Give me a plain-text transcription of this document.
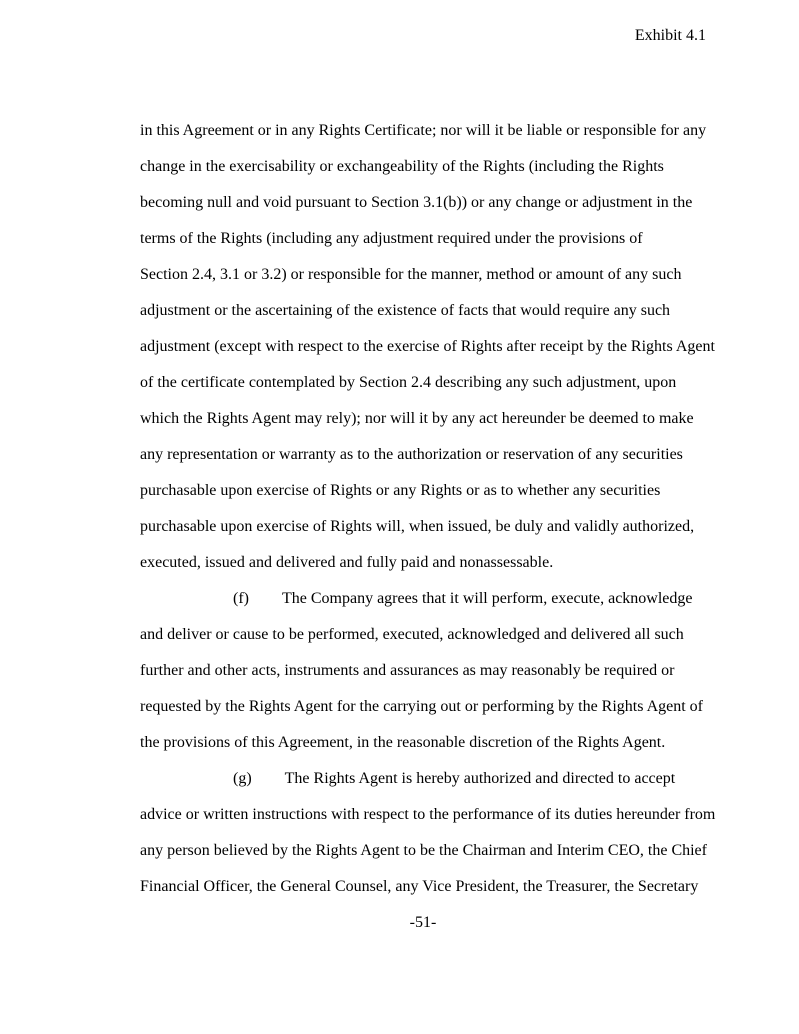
Exhibit 4.1
in this Agreement or in any Rights Certificate; nor will it be liable or responsible for any
change in the exercisability or exchangeability of the Rights (including the Rights
becoming null and void pursuant to Section 3.1(b)) or any change or adjustment in the
terms of the Rights (including any adjustment required under the provisions of
Section 2.4, 3.1 or 3.2) or responsible for the manner, method or amount of any such
adjustment or the ascertaining of the existence of facts that would require any such
adjustment (except with respect to the exercise of Rights after receipt by the Rights Agent
of the certificate contemplated by Section 2.4 describing any such adjustment, upon
which the Rights Agent may rely); nor will it by any act hereunder be deemed to make
any representation or warranty as to the authorization or reservation of any securities
purchasable upon exercise of Rights or any Rights or as to whether any securities
purchasable upon exercise of Rights will, when issued, be duly and validly authorized,
executed, issued and delivered and fully paid and nonassessable.
(f) The Company agrees that it will perform, execute, acknowledge
and deliver or cause to be performed, executed, acknowledged and delivered all such
further and other acts, instruments and assurances as may reasonably be required or
requested by the Rights Agent for the carrying out or performing by the Rights Agent of
the provisions of this Agreement, in the reasonable discretion of the Rights Agent.
(g) The Rights Agent is hereby authorized and directed to accept
advice or written instructions with respect to the performance of its duties hereunder from
any person believed by the Rights Agent to be the Chairman and Interim CEO, the Chief
Financial Officer, the General Counsel, any Vice President, the Treasurer, the Secretary
-51-
